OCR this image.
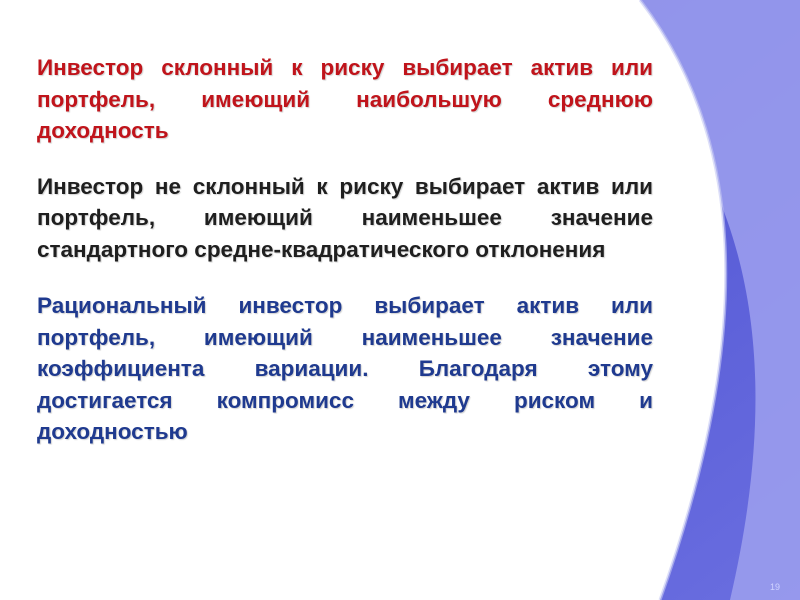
Инвестор склонный к риску выбирает актив или портфель, имеющий наибольшую среднюю доходность

Инвестор не склонный к риску выбирает актив или портфель, имеющий наименьшее значение стандартного средне-квадратического отклонения

Рациональный инвестор выбирает актив или портфель, имеющий наименьшее значение коэффициента вариации. Благодаря этому достигается компромисс между риском и доходностью

19
